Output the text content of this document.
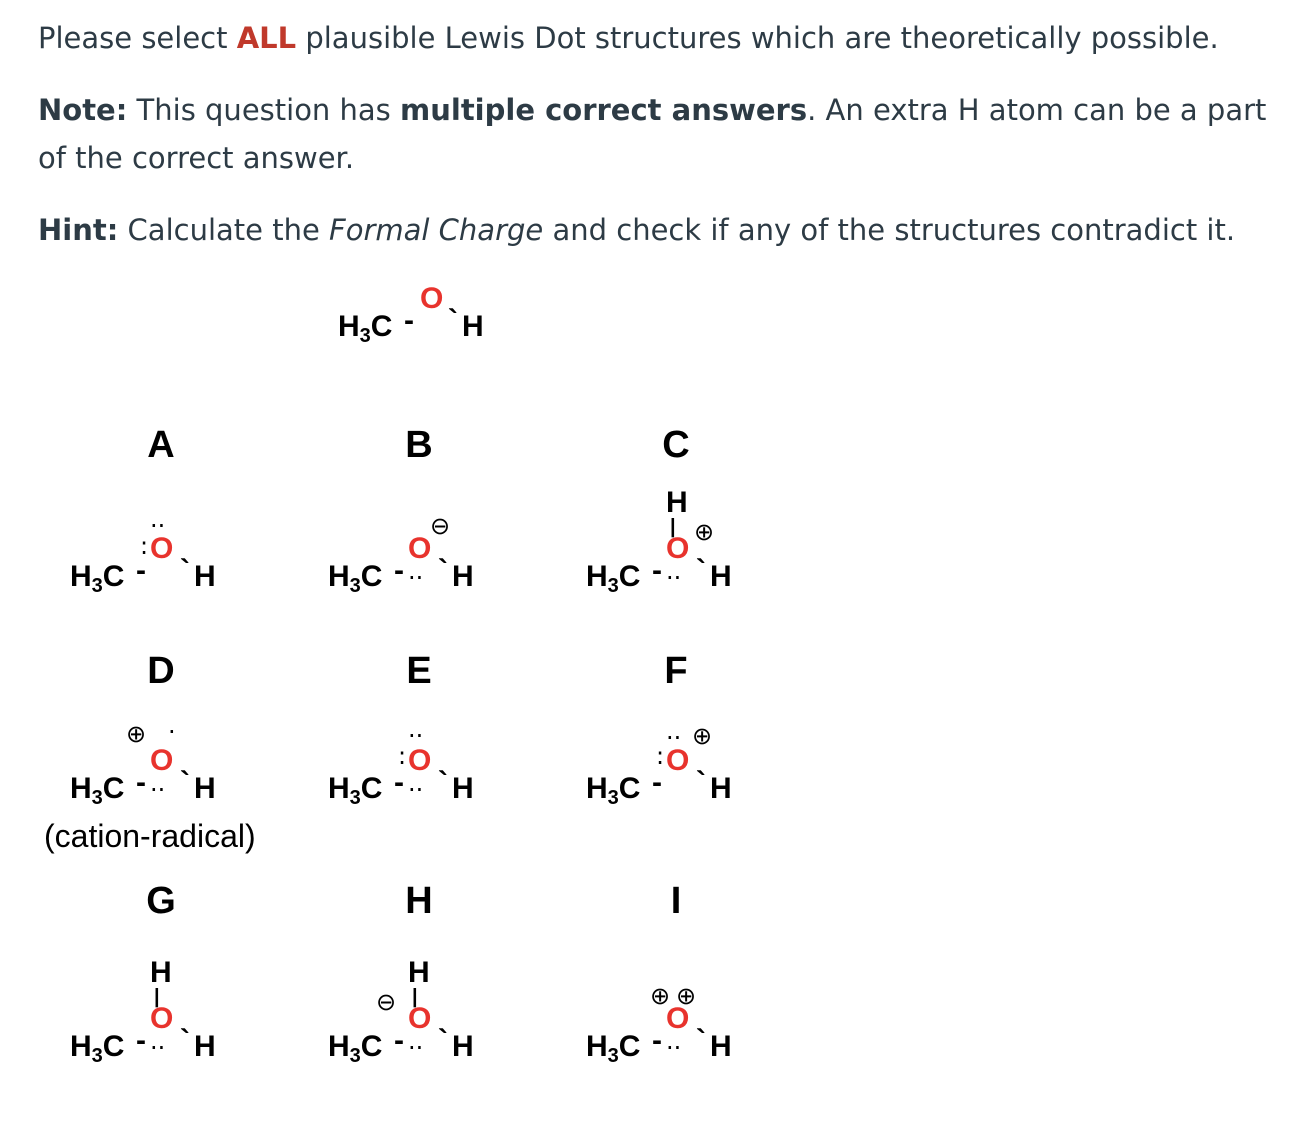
Please select ALL plausible Lewis Dot structures which are theoretically possible.
Note: This question has multiple correct answers. An extra H atom can be a part of the correct answer.
Hint: Calculate the Formal Charge and check if any of the structures contradict it.
$H_3C$ -
O
` H
A	B	C
D	E	F
G	H	I
$H_3C$ -
O
··
:
` H	$H_3C$ -
O
··
⊖
` H
H
| ⊕
$H_3C$ -
O
·· ` H
⊕ ·
$H_3C$ -
O
·· ` H
(cation-radical)
··
:
$H_3C$ -
O
·· ` H
·· ⊕
:
$H_3C$ -
O
` H
H
|
$H_3C$ -
O
·· ` H
H
|
⊖
$H_3C$ -
O
·· ` H
⊕ ⊕
$H_3C$ -
O
·· ` H
